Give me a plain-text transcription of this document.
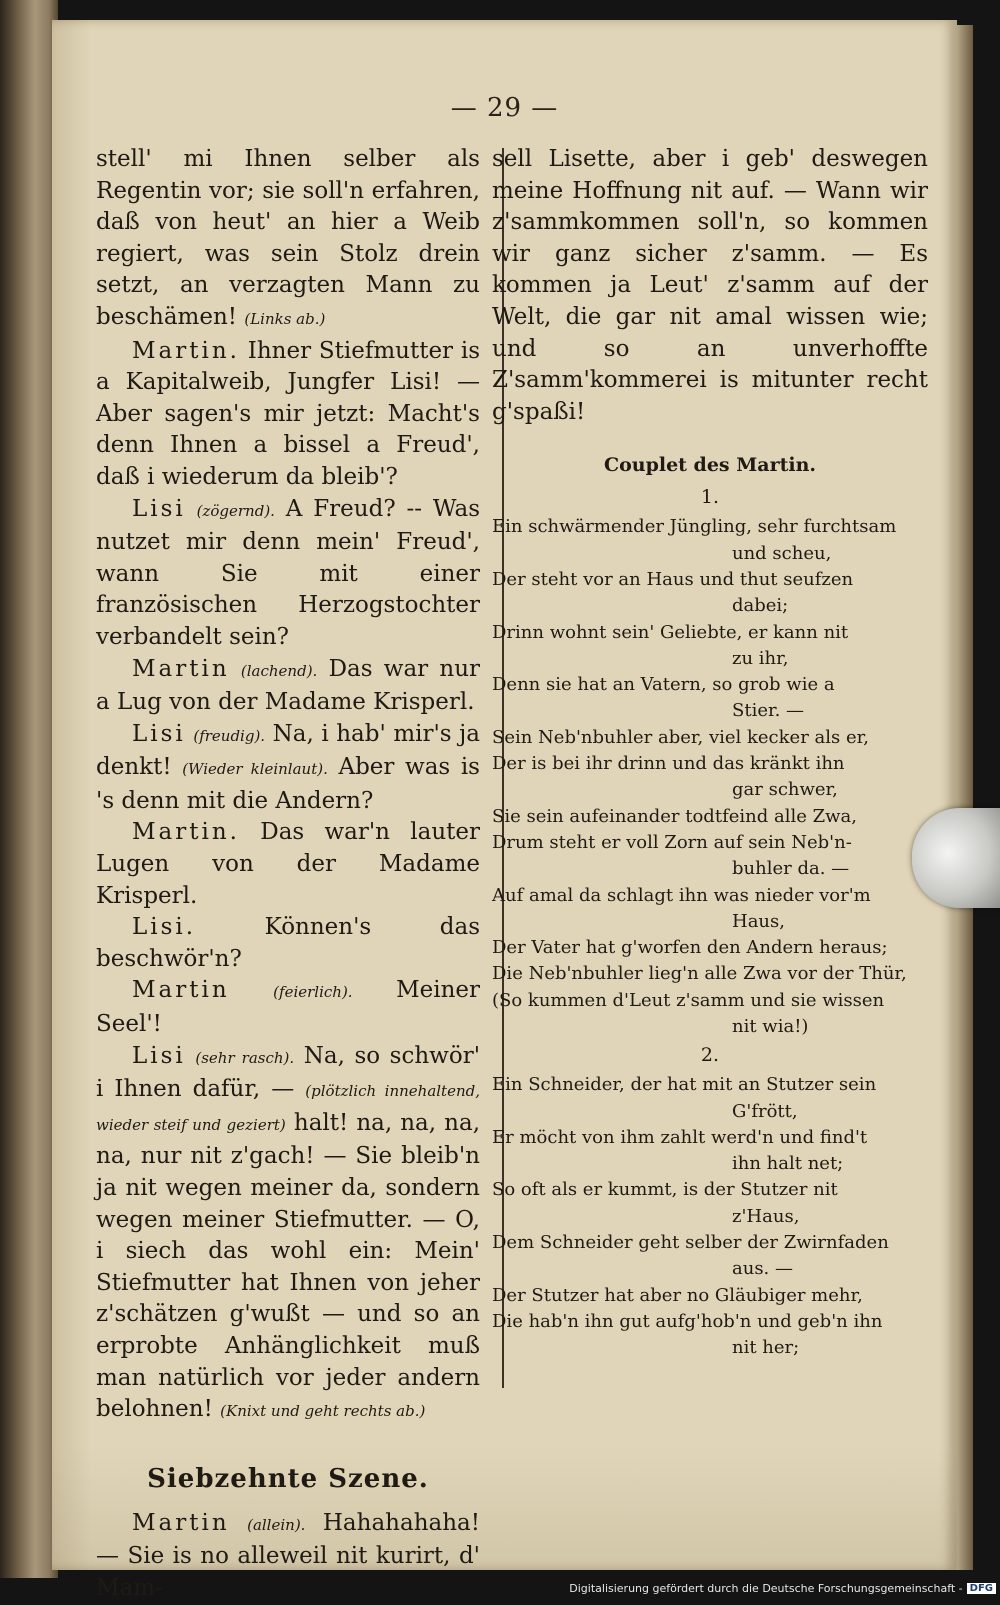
— 29 —

stell' mi Ihnen selber als Regentin vor; sie soll'n erfahren, daß von heut' an hier a Weib regiert, was sein Stolz drein setzt, an verzagten Mann zu beschämen! (Links ab.)

Martin. Ihner Stiefmutter is a Kapitalweib, Jungfer Lisi! — Aber sagen's mir jetzt: Macht's denn Ihnen a bissel a Freud', daß i wiederum da bleib'?

Lisi (zögernd). A Freud? -- Was nutzet mir denn mein' Freud', wann Sie mit einer französischen Herzogstochter verbandelt sein?

Martin (lachend). Das war nur a Lug von der Madame Krisperl.

Lisi (freudig). Na, i hab' mir's ja denkt! (Wieder kleinlaut). Aber was is 's denn mit die Andern?

Martin. Das war'n lauter Lugen von der Madame Krisperl.

Lisi.	Können's das beschwör'n?

Martin	(feierlich). Meiner Seel'!

Lisi (sehr rasch). Na, so schwör' i Ihnen dafür, — (plötzlich innehaltend, wieder steif und geziert) halt! na, na, na, na, nur nit z'gach! — Sie bleib'n ja nit wegen meiner da, sondern wegen meiner Stiefmutter. — O, i siech das wohl ein: Mein' Stiefmutter hat Ihnen von jeher z'schätzen g'wußt — und so an erprobte Anhänglichkeit muß man natürlich vor jeder andern belohnen! (Knixt und geht rechts ab.)

Siebzehnte Szene.

Martin (allein). Hahahahaha! — Sie is no alleweil nit kurirt, d' Mam-

sell Lisette, aber i geb' deswegen meine Hoffnung nit auf. — Wann wir z'sammkommen soll'n, so kommen wir ganz sicher z'samm. — Es kommen ja Leut' z'samm auf der Welt, die gar nit amal wissen wie; und so an unverhoffte Z'samm'kommerei is mitunter recht g'spaßi!

Couplet des Martin.
1.
Ein schwärmender Jüngling, sehr furchtsam
und scheu,
Der steht vor an Haus und thut seufzen
dabei;
Drinn wohnt sein' Geliebte, er kann nit
zu ihr,
Denn sie hat an Vatern, so grob wie a
Stier. —
Sein Neb'nbuhler aber, viel kecker als er,
Der is bei ihr drinn und das kränkt ihn
gar schwer,
Sie sein aufeinander todtfeind alle Zwa,
Drum steht er voll Zorn auf sein Neb'n-
buhler da. —
Auf amal da schlagt ihn was nieder vor'm
Haus,
Der Vater hat g'worfen den Andern heraus;
Die Neb'nbuhler lieg'n alle Zwa vor der Thür,
(So kummen d'Leut z'samm und sie wissen
nit wia!)
2.
Ein Schneider, der hat mit an Stutzer sein
G'frött,
Er möcht von ihm zahlt werd'n und find't
ihn halt net;
So oft als er kummt, is der Stutzer nit
z'Haus,
Dem Schneider geht selber der Zwirnfaden
aus. —
Der Stutzer hat aber no Gläubiger mehr,
Die hab'n ihn gut aufg'hob'n und geb'n ihn
nit her;
Digitalisierung gefördert durch die Deutsche Forschungsgemeinschaft - DFG
